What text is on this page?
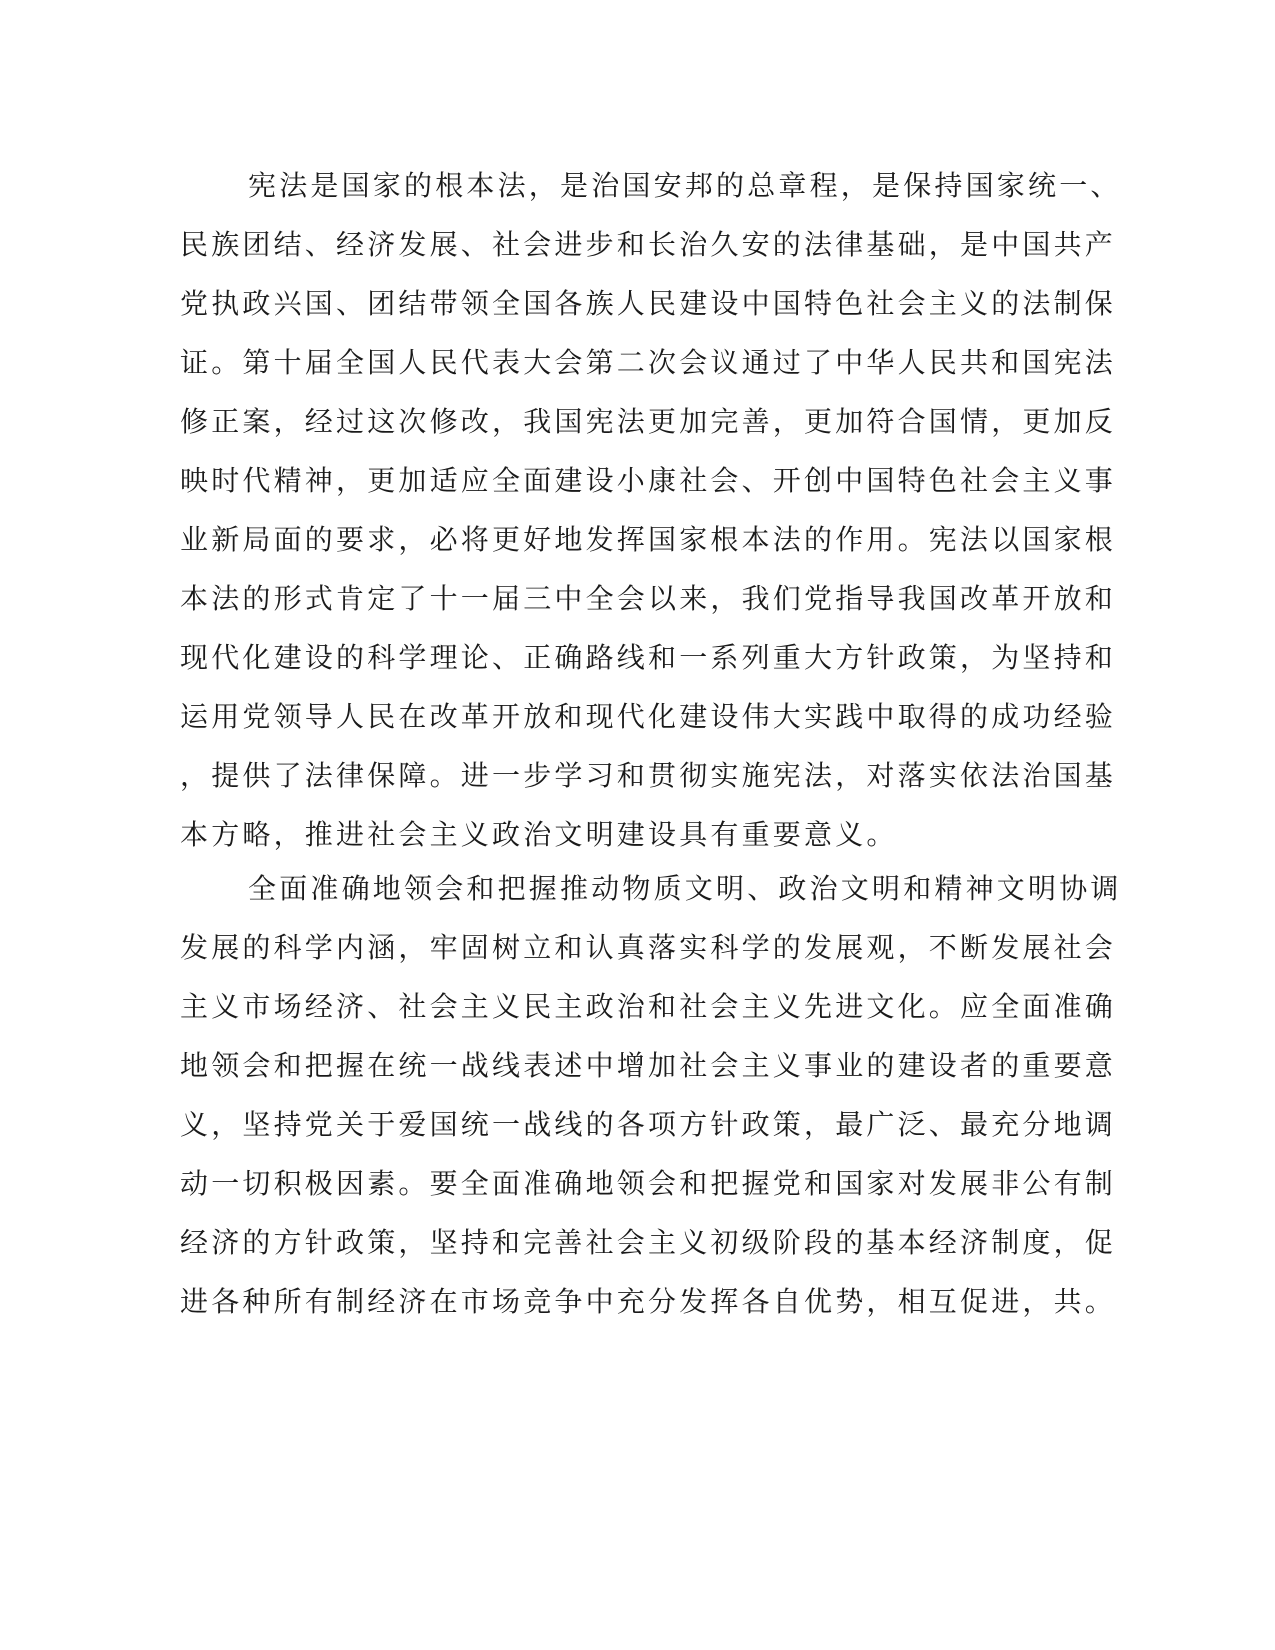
宪法是国家的根本法，是治国安邦的总章程，是保持国家统一、
民族团结、经济发展、社会进步和长治久安的法律基础，是中国共产
党执政兴国、团结带领全国各族人民建设中国特色社会主义的法制保
证。第十届全国人民代表大会第二次会议通过了中华人民共和国宪法
修正案，经过这次修改，我国宪法更加完善，更加符合国情，更加反
映时代精神，更加适应全面建设小康社会、开创中国特色社会主义事
业新局面的要求，必将更好地发挥国家根本法的作用。宪法以国家根
本法的形式肯定了十一届三中全会以来，我们党指导我国改革开放和
现代化建设的科学理论、正确路线和一系列重大方针政策，为坚持和
运用党领导人民在改革开放和现代化建设伟大实践中取得的成功经验
，提供了法律保障。进一步学习和贯彻实施宪法，对落实依法治国基
本方略，推进社会主义政治文明建设具有重要意义。

全面准确地领会和把握推动物质文明、政治文明和精神文明协调
发展的科学内涵，牢固树立和认真落实科学的发展观，不断发展社会
主义市场经济、社会主义民主政治和社会主义先进文化。应全面准确
地领会和把握在统一战线表述中增加社会主义事业的建设者的重要意
义，坚持党关于爱国统一战线的各项方针政策，最广泛、最充分地调
动一切积极因素。要全面准确地领会和把握党和国家对发展非公有制
经济的方针政策，坚持和完善社会主义初级阶段的基本经济制度，促
进各种所有制经济在市场竞争中充分发挥各自优势，相互促进，共。
